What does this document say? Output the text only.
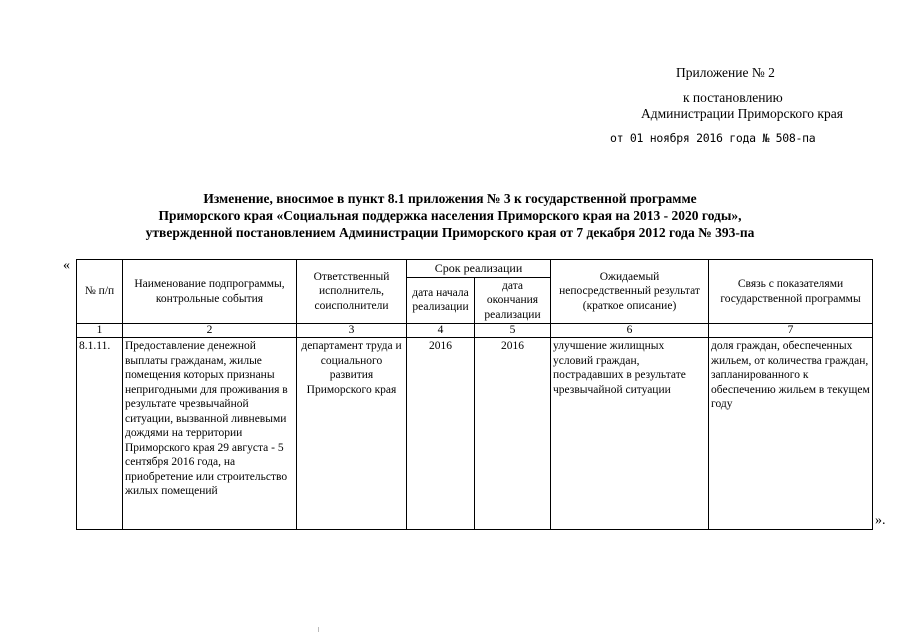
Приложение № 2
к постановлению
Администрации Приморского края
от 01 ноября 2016 года № 508-па
Изменение, вносимое в пункт 8.1 приложения № 3 к государственной программе
Приморского края «Социальная поддержка населения Приморского края на 2013 - 2020 годы»,
утвержденной постановлением Администрации Приморского края от 7 декабря 2012 года № 393-па
«
№ п/п	Наименование подпрограммы, контрольные события	Ответственный исполнитель, соисполнители	Срок реализации		Ожидаемый непосредственный результат (краткое описание)	Связь с показателями государственной программы
			дата начала реализации	дата окончания реализации		
1	2	3	4	5	6	7
8.1.11.	Предоставление денежной выплаты гражданам, жилые помещения которых признаны непригодными для проживания в результате чрезвычайной ситуации, вызванной ливневыми дождями на территории Приморского края 29 августа - 5 сентября 2016 года, на приобретение или строительство жилых помещений	департамент труда и социального развития Приморского края	2016	2016	улучшение жилищных условий граждан, пострадавших в результате чрезвычайной ситуации	доля граждан, обеспеченных жильем, от количества граждан, запланированного к обеспечению жильем в текущем году
».
